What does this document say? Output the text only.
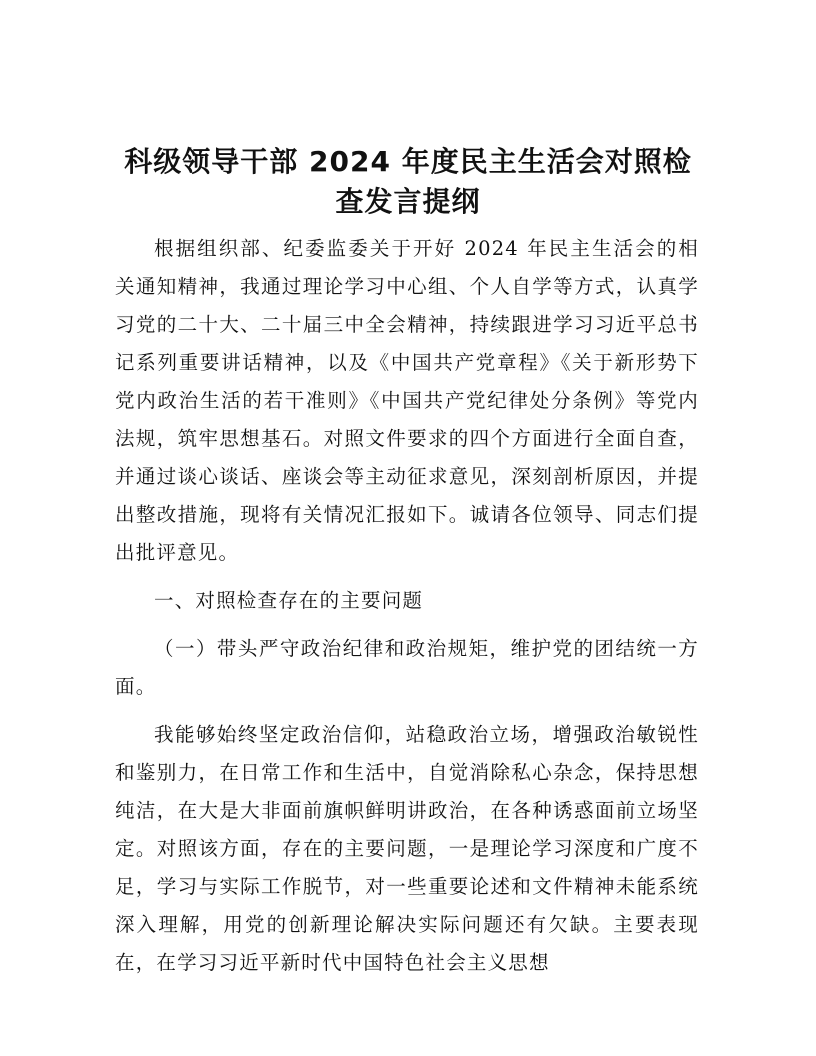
科级领导干部 2024 年度民主生活会对照检查发言提纲

根据组织部、纪委监委关于开好 2024 年民主生活会的相关通知精神，我通过理论学习中心组、个人自学等方式，认真学习党的二十大、二十届三中全会精神，持续跟进学习习近平总书记系列重要讲话精神，以及《中国共产党章程》《关于新形势下党内政治生活的若干准则》《中国共产党纪律处分条例》等党内法规，筑牢思想基石。对照文件要求的四个方面进行全面自查，并通过谈心谈话、座谈会等主动征求意见，深刻剖析原因，并提出整改措施，现将有关情况汇报如下。诚请各位领导、同志们提出批评意见。

一、对照检查存在的主要问题

（一）带头严守政治纪律和政治规矩，维护党的团结统一方面。

我能够始终坚定政治信仰，站稳政治立场，增强政治敏锐性和鉴别力，在日常工作和生活中，自觉消除私心杂念，保持思想纯洁，在大是大非面前旗帜鲜明讲政治，在各种诱惑面前立场坚定。对照该方面，存在的主要问题，一是理论学习深度和广度不足，学习与实际工作脱节，对一些重要论述和文件精神未能系统深入理解，用党的创新理论解决实际问题还有欠缺。主要表现在，在学习习近平新时代中国特色社会主义思想
